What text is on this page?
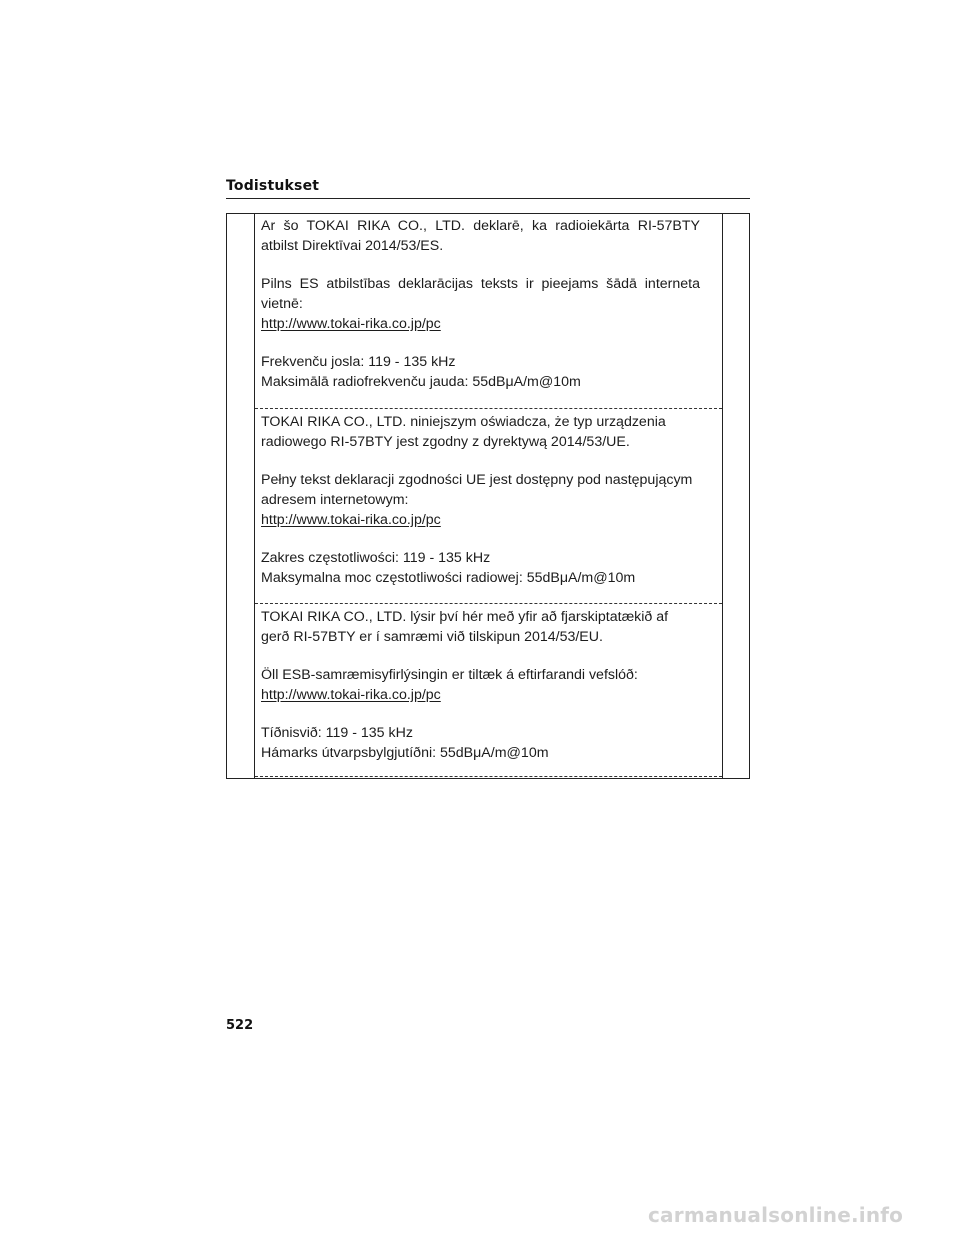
Todistukset

Ar šo TOKAI RIKA CO., LTD. deklarē, ka radioiekārta RI-57BTY atbilst Direktīvai 2014/53/ES.

Pilns ES atbilstības deklarācijas teksts ir pieejams šādā interneta vietnē:

http://www.tokai-rika.co.jp/pc

Frekvenču josla: 119 - 135 kHz

Maksimālā radiofrekvenču jauda: 55dBμA/m@10m

TOKAI RIKA CO., LTD. niniejszym oświadcza, że typ urządzenia radiowego RI-57BTY jest zgodny z dyrektywą 2014/53/UE.

Pełny tekst deklaracji zgodności UE jest dostępny pod następującym adresem internetowym:

http://www.tokai-rika.co.jp/pc

Zakres częstotliwości: 119 - 135 kHz

Maksymalna moc częstotliwości radiowej: 55dBμA/m@10m

TOKAI RIKA CO., LTD. lýsir því hér með yfir að fjarskiptatækið af gerð RI-57BTY er í samræmi við tilskipun 2014/53/EU.

Öll ESB-samræmisyfirlýsingin er tiltæk á eftirfarandi vefslóð:

http://www.tokai-rika.co.jp/pc

Tíðnisvið: 119 - 135 kHz

Hámarks útvarpsbylgjutíðni: 55dBμA/m@10m

522
carmanualsonline.info
